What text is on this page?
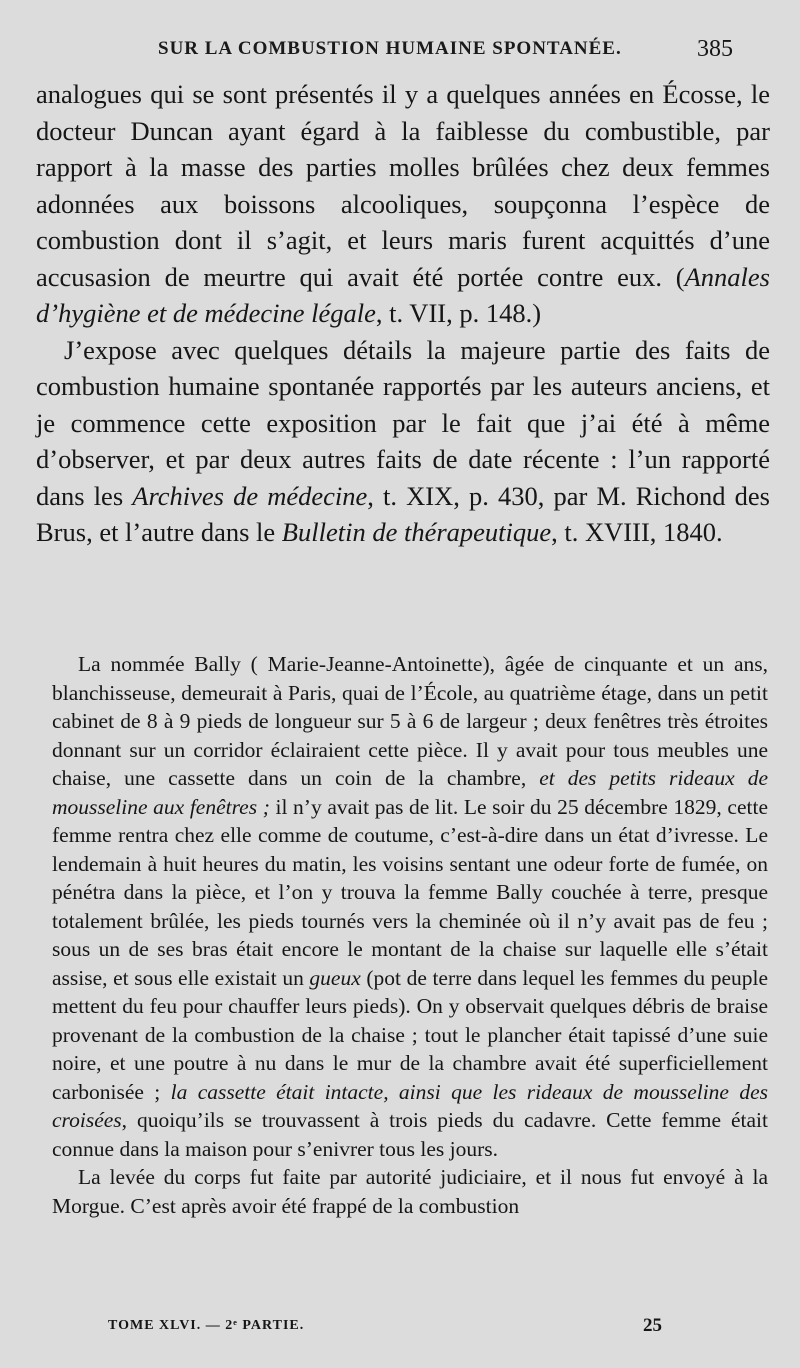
SUR LA COMBUSTION HUMAINE SPONTANÉE.	385

analogues qui se sont présentés il y a quelques années en Écosse, le docteur Duncan ayant égard à la faiblesse du combustible, par rapport à la masse des parties molles brûlées chez deux femmes adonnées aux boissons alcooliques, soupçonna l’espèce de combustion dont il s’agit, et leurs maris furent acquittés d’une accusasion de meurtre qui avait été portée contre eux. (Annales d’hygiène et de médecine légale, t. VII, p. 148.)

J’expose avec quelques détails la majeure partie des faits de combustion humaine spontanée rapportés par les auteurs anciens, et je commence cette exposition par le fait que j’ai été à même d’observer, et par deux autres faits de date récente : l’un rapporté dans les Archives de médecine, t. XIX, p. 430, par M. Richond des Brus, et l’autre dans le Bulletin de thérapeutique, t. XVIII, 1840.

La nommée Bally ( Marie-Jeanne-Antoinette), âgée de cinquante et un ans, blanchisseuse, demeurait à Paris, quai de l’École, au quatrième étage, dans un petit cabinet de 8 à 9 pieds de longueur sur 5 à 6 de largeur ; deux fenêtres très étroites donnant sur un corridor éclairaient cette pièce. Il y avait pour tous meubles une chaise, une cassette dans un coin de la chambre, et des petits rideaux de mousseline aux fenêtres ; il n’y avait pas de lit. Le soir du 25 décembre 1829, cette femme rentra chez elle comme de coutume, c’est-à-dire dans un état d’ivresse. Le lendemain à huit heures du matin, les voisins sentant une odeur forte de fumée, on pénétra dans la pièce, et l’on y trouva la femme Bally couchée à terre, presque totalement brûlée, les pieds tournés vers la cheminée où il n’y avait pas de feu ; sous un de ses bras était encore le montant de la chaise sur laquelle elle s’était assise, et sous elle existait un gueux (pot de terre dans lequel les femmes du peuple mettent du feu pour chauffer leurs pieds). On y observait quelques débris de braise provenant de la combustion de la chaise ; tout le plancher était tapissé d’une suie noire, et une poutre à nu dans le mur de la chambre avait été superficiellement carbonisée ; la cassette était intacte, ainsi que les rideaux de mousseline des croisées, quoiqu’ils se trouvassent à trois pieds du cadavre. Cette femme était connue dans la maison pour s’enivrer tous les jours.

La levée du corps fut faite par autorité judiciaire, et il nous fut envoyé à la Morgue. C’est après avoir été frappé de la combustion

TOME XLVI. — 2ᵉ PARTIE.	25
